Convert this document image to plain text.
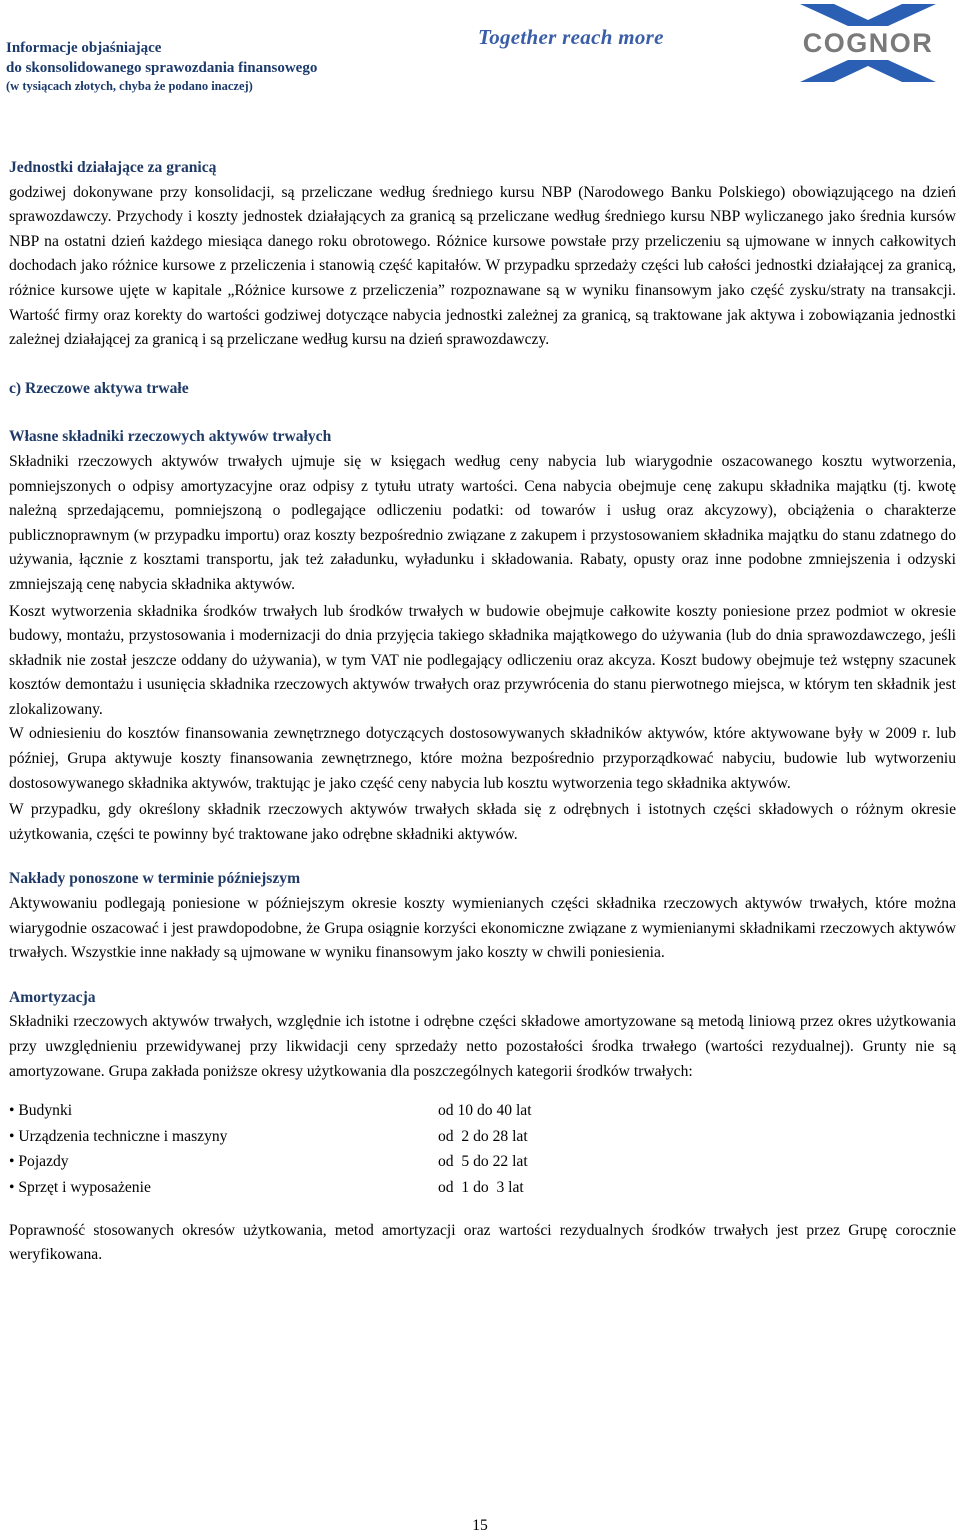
Informacje objaśniające
do skonsolidowanego sprawozdania finansowego
(w tysiącach złotych, chyba że podano inaczej)
Together reach more	COGNOR
Jednostki działające za granicą

godziwej dokonywane przy konsolidacji, są przeliczane według średniego kursu NBP (Narodowego Banku Polskiego) obowiązującego na dzień sprawozdawczy. Przychody i koszty jednostek działających za granicą są przeliczane według średniego kursu NBP wyliczanego jako średnia kursów NBP na ostatni dzień każdego miesiąca danego roku obrotowego. Różnice kursowe powstałe przy przeliczeniu są ujmowane w innych całkowitych dochodach jako różnice kursowe z przeliczenia i stanowią część kapitałów. W przypadku sprzedaży części lub całości jednostki działającej za granicą, różnice kursowe ujęte w kapitale „Różnice kursowe z przeliczenia” rozpoznawane są w wyniku finansowym jako część zysku/straty na transakcji. Wartość firmy oraz korekty do wartości godziwej dotyczące nabycia jednostki zależnej za granicą, są traktowane jak aktywa i zobowiązania jednostki zależnej działającej za granicą i są przeliczane według kursu na dzień sprawozdawczy.

c) Rzeczowe aktywa trwałe
Własne składniki rzeczowych aktywów trwałych

Składniki rzeczowych aktywów trwałych ujmuje się w księgach według ceny nabycia lub wiarygodnie oszacowanego kosztu wytworzenia, pomniejszonych o odpisy amortyzacyjne oraz odpisy z tytułu utraty wartości. Cena nabycia obejmuje cenę zakupu składnika majątku (tj. kwotę należną sprzedającemu, pomniejszoną o podlegające odliczeniu podatki: od towarów i usług oraz akcyzowy), obciążenia o charakterze publicznoprawnym (w przypadku importu) oraz koszty bezpośrednio związane z zakupem i przystosowaniem składnika majątku do stanu zdatnego do używania, łącznie z kosztami transportu, jak też załadunku, wyładunku i składowania. Rabaty, opusty oraz inne podobne zmniejszenia i odzyski zmniejszają cenę nabycia składnika aktywów.

Koszt wytworzenia składnika środków trwałych lub środków trwałych w budowie obejmuje całkowite koszty poniesione przez podmiot w okresie budowy, montażu, przystosowania i modernizacji do dnia przyjęcia takiego składnika majątkowego do używania (lub do dnia sprawozdawczego, jeśli składnik nie został jeszcze oddany do używania), w tym VAT nie podlegający odliczeniu oraz akcyza. Koszt budowy obejmuje też wstępny szacunek kosztów demontażu i usunięcia składnika rzeczowych aktywów trwałych oraz przywrócenia do stanu pierwotnego miejsca, w którym ten składnik jest zlokalizowany.

W odniesieniu do kosztów finansowania zewnętrznego dotyczących dostosowywanych składników aktywów, które aktywowane były w 2009 r. lub później, Grupa aktywuje koszty finansowania zewnętrznego, które można bezpośrednio przyporządkować nabyciu, budowie lub wytworzeniu dostosowywanego składnika aktywów, traktując je jako część ceny nabycia lub kosztu wytworzenia tego składnika aktywów.

W przypadku, gdy określony składnik rzeczowych aktywów trwałych składa się z odrębnych i istotnych części składowych o różnym okresie użytkowania, części te powinny być traktowane jako odrębne składniki aktywów.

Nakłady ponoszone w terminie późniejszym

Aktywowaniu podlegają poniesione w późniejszym okresie koszty wymienianych części składnika rzeczowych aktywów trwałych, które można wiarygodnie oszacować i jest prawdopodobne, że Grupa osiągnie korzyści ekonomiczne związane z wymienianymi składnikami rzeczowych aktywów trwałych. Wszystkie inne nakłady są ujmowane w wyniku finansowym jako koszty w chwili poniesienia.

Amortyzacja

Składniki rzeczowych aktywów trwałych, względnie ich istotne i odrębne części składowe amortyzowane są metodą liniową przez okres użytkowania przy uwzględnieniu przewidywanej przy likwidacji ceny sprzedaży netto pozostałości środka trwałego (wartości rezydualnej). Grunty nie są amortyzowane. Grupa zakłada poniższe okresy użytkowania dla poszczególnych kategorii środków trwałych:

• Budynki	od 10 do 40 lat
• Urządzenia techniczne i maszyny	od  2 do 28 lat
• Pojazdy	od  5 do 22 lat
• Sprzęt i wyposażenie	od  1 do  3 lat

Poprawność stosowanych okresów użytkowania, metod amortyzacji oraz wartości rezydualnych środków trwałych jest przez Grupę corocznie weryfikowana.

15
